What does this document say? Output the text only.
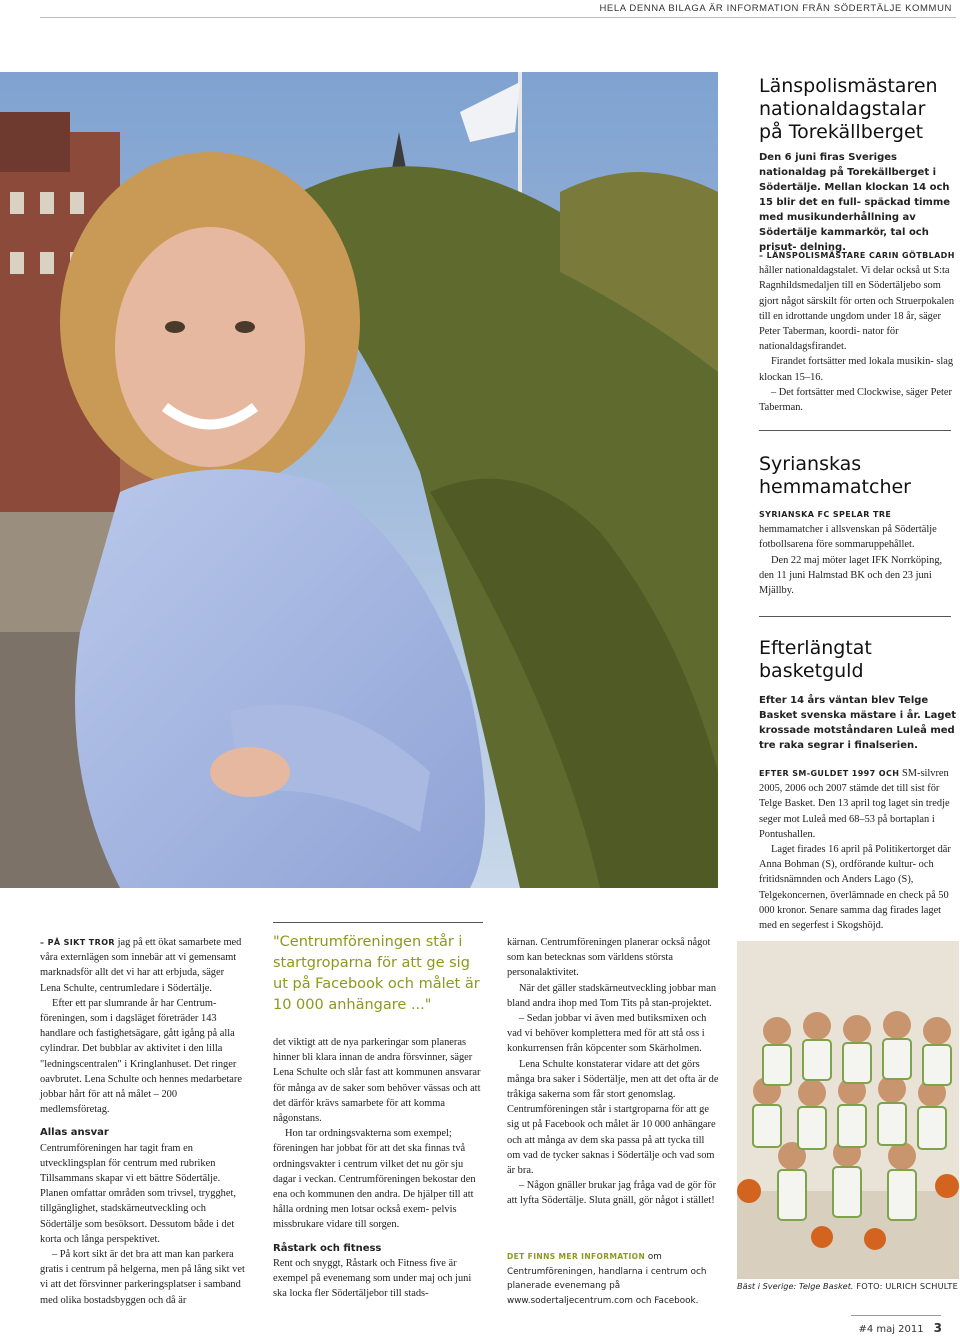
HELA DENNA BILAGA ÄR INFORMATION FRÅN SÖDERTÄLJE KOMMUN
Länspolismästaren
nationaldagstalar
på Torekällberget
Den 6 juni firas Sveriges nationaldag på Torekällberget i Södertälje. Mellan klockan 14 och 15 blir det en full- späckad timme med musikunderhållning av Södertälje kammarkör, tal och prisut- delning.

– LÄNSPOLISMÄSTARE CARIN GÖTBLADH håller nationaldagstalet. Vi delar också ut S:ta Ragnhildsmedaljen till en Södertäljebo som gjort något särskilt för orten och Struerpokalen till en idrottande ungdom under 18 år, säger Peter Taberman, koordi- nator för nationaldagsfirandet.

Firandet fortsätter med lokala musikin- slag klockan 15–16.

– Det fortsätter med Clockwise, säger Peter Taberman.

Syrianskas
hemmamatcher

SYRIANSKA FC SPELAR TRE hemmamatcher i allsvenskan på Södertälje fotbollsarena före sommaruppehållet.

Den 22 maj möter laget IFK Norrköping, den 11 juni Halmstad BK och den 23 juni Mjällby.

Efterlängtat
basketguld
Efter 14 års väntan blev Telge Basket svenska mästare i år. Laget krossade motståndaren Luleå med tre raka segrar i finalserien.

EFTER SM-GULDET 1997 OCH SM-silvren 2005, 2006 och 2007 stämde det till sist för Telge Basket. Den 13 april tog laget sin tredje seger mot Luleå med 68–53 på bortaplan i Pontushallen.

Laget firades 16 april på Politikertorget där Anna Bohman (S), ordförande kultur- och fritidsnämnden och Anders Lago (S), Telgekoncernen, överlämnade en check på 50 000 kronor. Senare samma dag firades laget med en segerfest i Skogshöjd.

– PÅ SIKT TROR jag på ett ökat samarbete med våra externlägen som innebär att vi gemensamt marknadsför allt det vi har att erbjuda, säger Lena Schulte, centrumledare i Södertälje.

Efter ett par slumrande år har Centrum- föreningen, som i dagsläget företräder 143 handlare och fastighetsägare, gått igång på alla cylindrar. Det bubblar av aktivitet i den lilla "ledningscentralen" i Kringlanhuset. Det ringer oavbrutet. Lena Schulte och hennes medarbetare jobbar hårt för att nå målet – 200 medlemsföretag.

Allas ansvar

Centrumföreningen har tagit fram en utvecklingsplan för centrum med rubriken Tillsammans skapar vi ett bättre Södertälje. Planen omfattar områden som trivsel, trygghet, tillgänglighet, stadskärneutveckling och Södertälje som besöksort. Dessutom både i det korta och långa perspektivet.

– På kort sikt är det bra att man kan parkera gratis i centrum på helgerna, men på lång sikt vet vi att det försvinner parkeringsplatser i samband med olika bostadsbyggen och då är

"Centrumföreningen står i startgroparna för att ge sig ut på Facebook och målet är 10 000 anhängare ..."

det viktigt att de nya parkeringar som planeras hinner bli klara innan de andra försvinner, säger Lena Schulte och slår fast att kommunen ansvarar för många av de saker som behöver vässas och att det därför krävs samarbete för att komma någonstans.

Hon tar ordningsvakterna som exempel; föreningen har jobbat för att det ska finnas två ordningsvakter i centrum vilket det nu gör sju dagar i veckan. Centrumföreningen bekostar den ena och kommunen den andra. De hjälper till att hålla ordning men lotsar också exem- pelvis missbrukare vidare till sorgen.

Råstark och fitness

Rent och snyggt, Råstark och Fitness five är exempel på evenemang som under maj och juni ska locka fler Södertäljebor till stads-

kärnan. Centrumföreningen planerar också något som kan betecknas som världens största personalaktivitet.

När det gäller stadskärneutveckling jobbar man bland andra ihop med Tom Tits på stan-projektet.

– Sedan jobbar vi även med butiksmixen och vad vi behöver komplettera med för att stå oss i konkurrensen från köpcenter som Skärholmen.

Lena Schulte konstaterar vidare att det görs många bra saker i Södertälje, men att det ofta är de tråkiga sakerna som får stort genomslag. Centrumföreningen står i startgroparna för att ge sig ut på Facebook och målet är 10 000 anhängare och att många av dem ska passa på att tycka till om vad de tycker saknas i Södertälje och vad som är bra.

– Någon gnäller brukar jag fråga vad de gör för att lyfta Södertälje. Sluta gnäll, gör något i stället!

DET FINNS MER INFORMATION om Centrumföreningen, handlarna i centrum och planerade evenemang på www.sodertaljecentrum.com och Facebook.
Bäst i Sverige: Telge Basket. FOTO: ULRICH SCHULTE
#4 maj 2011 3
